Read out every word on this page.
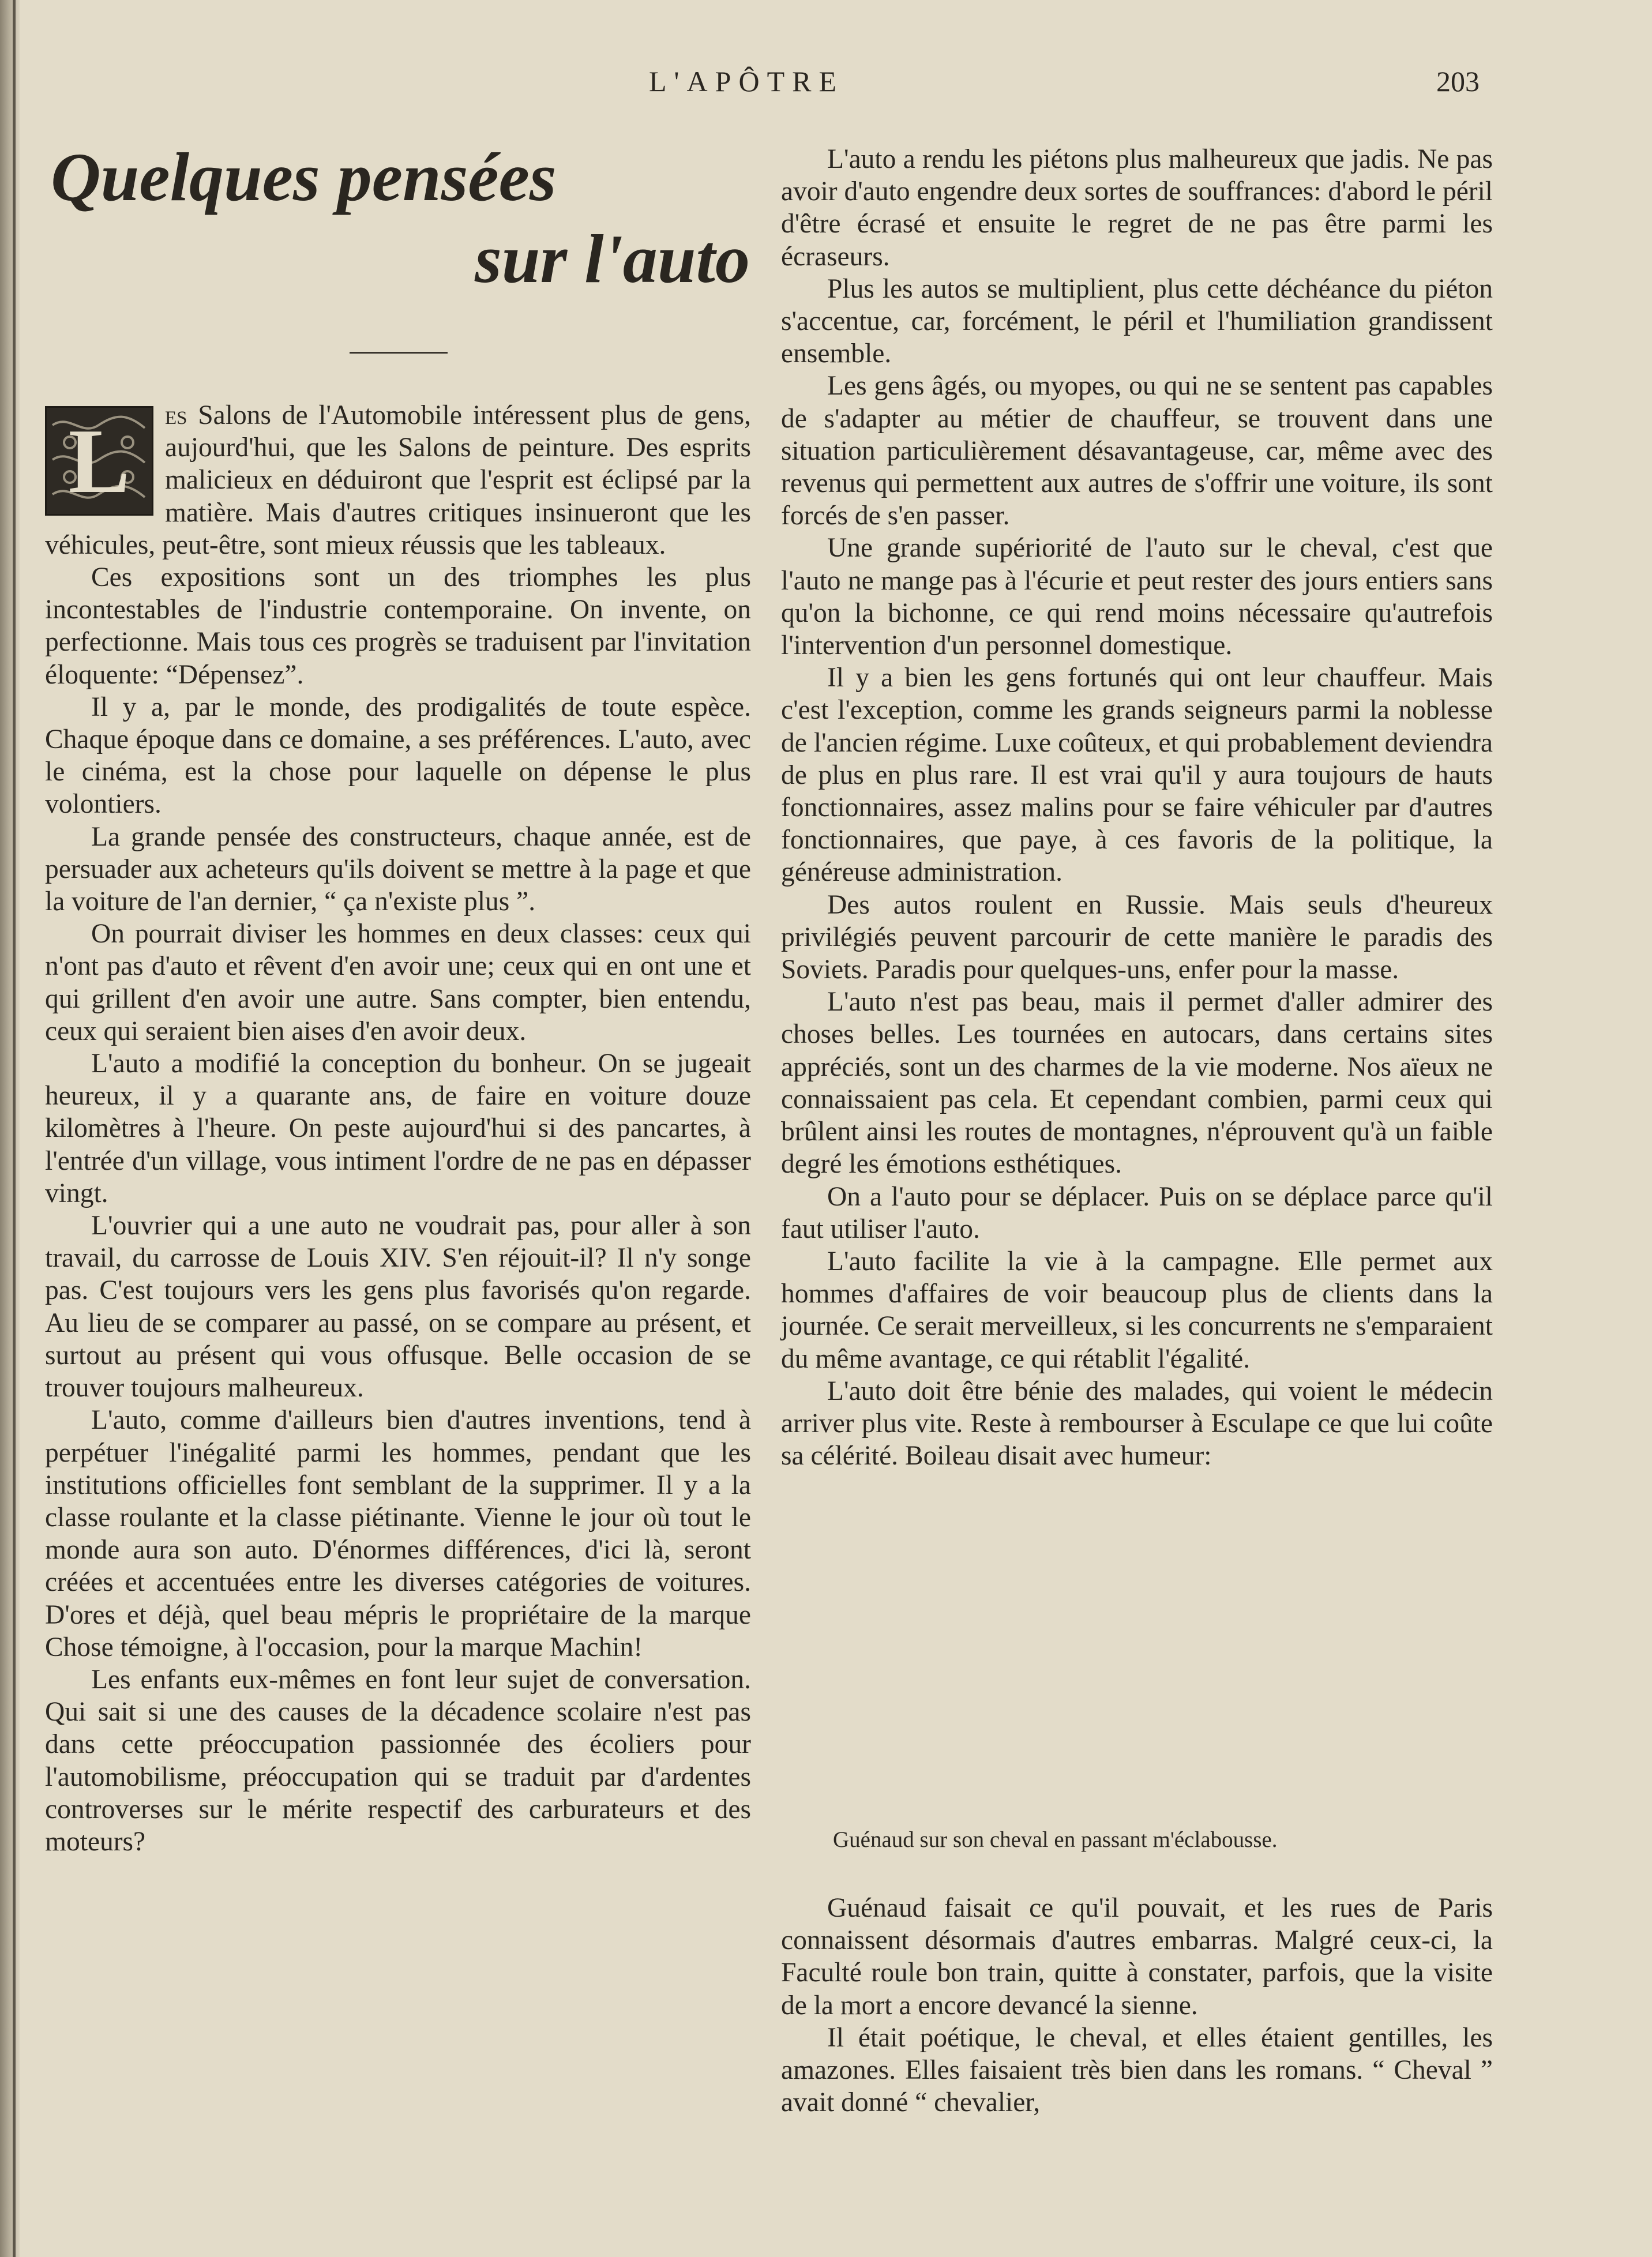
L'APÔTRE	203
Quelques pensées
sur l'auto

L	es Salons de l'Automobile intéressent plus de gens, aujourd'hui, que les Salons de peinture. Des esprits malicieux en déduiront que l'esprit est éclipsé par la matière. Mais d'autres critiques insinueront que les véhicules, peut-être, sont mieux réussis que les tableaux.

Ces expositions sont un des triomphes les plus incontestables de l'industrie contemporaine. On invente, on perfectionne. Mais tous ces progrès se traduisent par l'invitation éloquente: “Dépensez”.

Il y a, par le monde, des prodigalités de toute espèce. Chaque époque dans ce domaine, a ses préférences. L'auto, avec le cinéma, est la chose pour laquelle on dépense le plus volontiers.

La grande pensée des constructeurs, chaque année, est de persuader aux acheteurs qu'ils doivent se mettre à la page et que la voiture de l'an dernier, “ ça n'existe plus ”.

On pourrait diviser les hommes en deux classes: ceux qui n'ont pas d'auto et rêvent d'en avoir une; ceux qui en ont une et qui grillent d'en avoir une autre. Sans compter, bien entendu, ceux qui seraient bien aises d'en avoir deux.

L'auto a modifié la conception du bonheur. On se jugeait heureux, il y a quarante ans, de faire en voiture douze kilomètres à l'heure. On peste aujourd'hui si des pancartes, à l'entrée d'un village, vous intiment l'ordre de ne pas en dépasser vingt.

L'ouvrier qui a une auto ne voudrait pas, pour aller à son travail, du carrosse de Louis XIV. S'en réjouit-il? Il n'y songe pas. C'est toujours vers les gens plus favorisés qu'on regarde. Au lieu de se comparer au passé, on se compare au présent, et surtout au présent qui vous offusque. Belle occasion de se trouver toujours malheureux.

L'auto, comme d'ailleurs bien d'autres inventions, tend à perpétuer l'inégalité parmi les hommes, pendant que les institutions officielles font semblant de la supprimer. Il y a la classe roulante et la classe piétinante. Vienne le jour où tout le monde aura son auto. D'énormes différences, d'ici là, seront créées et accentuées entre les diverses catégories de voitures. D'ores et déjà, quel beau mépris le propriétaire de la marque Chose témoigne, à l'occasion, pour la marque Machin!

Les enfants eux-mêmes en font leur sujet de conversation. Qui sait si une des causes de la décadence scolaire n'est pas dans cette préoccupation passionnée des écoliers pour l'automobilisme, préoccupation qui se traduit par d'ardentes controverses sur le mérite respectif des carburateurs et des moteurs?

L'auto a rendu les piétons plus malheureux que jadis. Ne pas avoir d'auto engendre deux sortes de souffrances: d'abord le péril d'être écrasé et ensuite le regret de ne pas être parmi les écraseurs.

Plus les autos se multiplient, plus cette déchéance du piéton s'accentue, car, forcément, le péril et l'humiliation grandissent ensemble.

Les gens âgés, ou myopes, ou qui ne se sentent pas capables de s'adapter au métier de chauffeur, se trouvent dans une situation particulièrement désavantageuse, car, même avec des revenus qui permettent aux autres de s'offrir une voiture, ils sont forcés de s'en passer.

Une grande supériorité de l'auto sur le cheval, c'est que l'auto ne mange pas à l'écurie et peut rester des jours entiers sans qu'on la bichonne, ce qui rend moins nécessaire qu'autrefois l'intervention d'un personnel domestique.

Il y a bien les gens fortunés qui ont leur chauffeur. Mais c'est l'exception, comme les grands seigneurs parmi la noblesse de l'ancien régime. Luxe coûteux, et qui probablement deviendra de plus en plus rare. Il est vrai qu'il y aura toujours de hauts fonctionnaires, assez malins pour se faire véhiculer par d'autres fonctionnaires, que paye, à ces favoris de la politique, la généreuse administration.

Des autos roulent en Russie. Mais seuls d'heureux privilégiés peuvent parcourir de cette manière le paradis des Soviets. Paradis pour quelques-uns, enfer pour la masse.

L'auto n'est pas beau, mais il permet d'aller admirer des choses belles. Les tournées en autocars, dans certains sites appréciés, sont un des charmes de la vie moderne. Nos aïeux ne connaissaient pas cela. Et cependant combien, parmi ceux qui brûlent ainsi les routes de montagnes, n'éprouvent qu'à un faible degré les émotions esthétiques.

On a l'auto pour se déplacer. Puis on se déplace parce qu'il faut utiliser l'auto.

L'auto facilite la vie à la campagne. Elle permet aux hommes d'affaires de voir beaucoup plus de clients dans la journée. Ce serait merveilleux, si les concurrents ne s'emparaient du même avantage, ce qui rétablit l'égalité.

L'auto doit être bénie des malades, qui voient le médecin arriver plus vite. Reste à rembourser à Esculape ce que lui coûte sa célérité. Boileau disait avec humeur:

Guénaud sur son cheval en passant m'éclabousse.

Guénaud faisait ce qu'il pouvait, et les rues de Paris connaissent désormais d'autres embarras. Malgré ceux-ci, la Faculté roule bon train, quitte à constater, parfois, que la visite de la mort a encore devancé la sienne.

Il était poétique, le cheval, et elles étaient gentilles, les amazones. Elles faisaient très bien dans les romans. “ Cheval ” avait donné “ chevalier,
